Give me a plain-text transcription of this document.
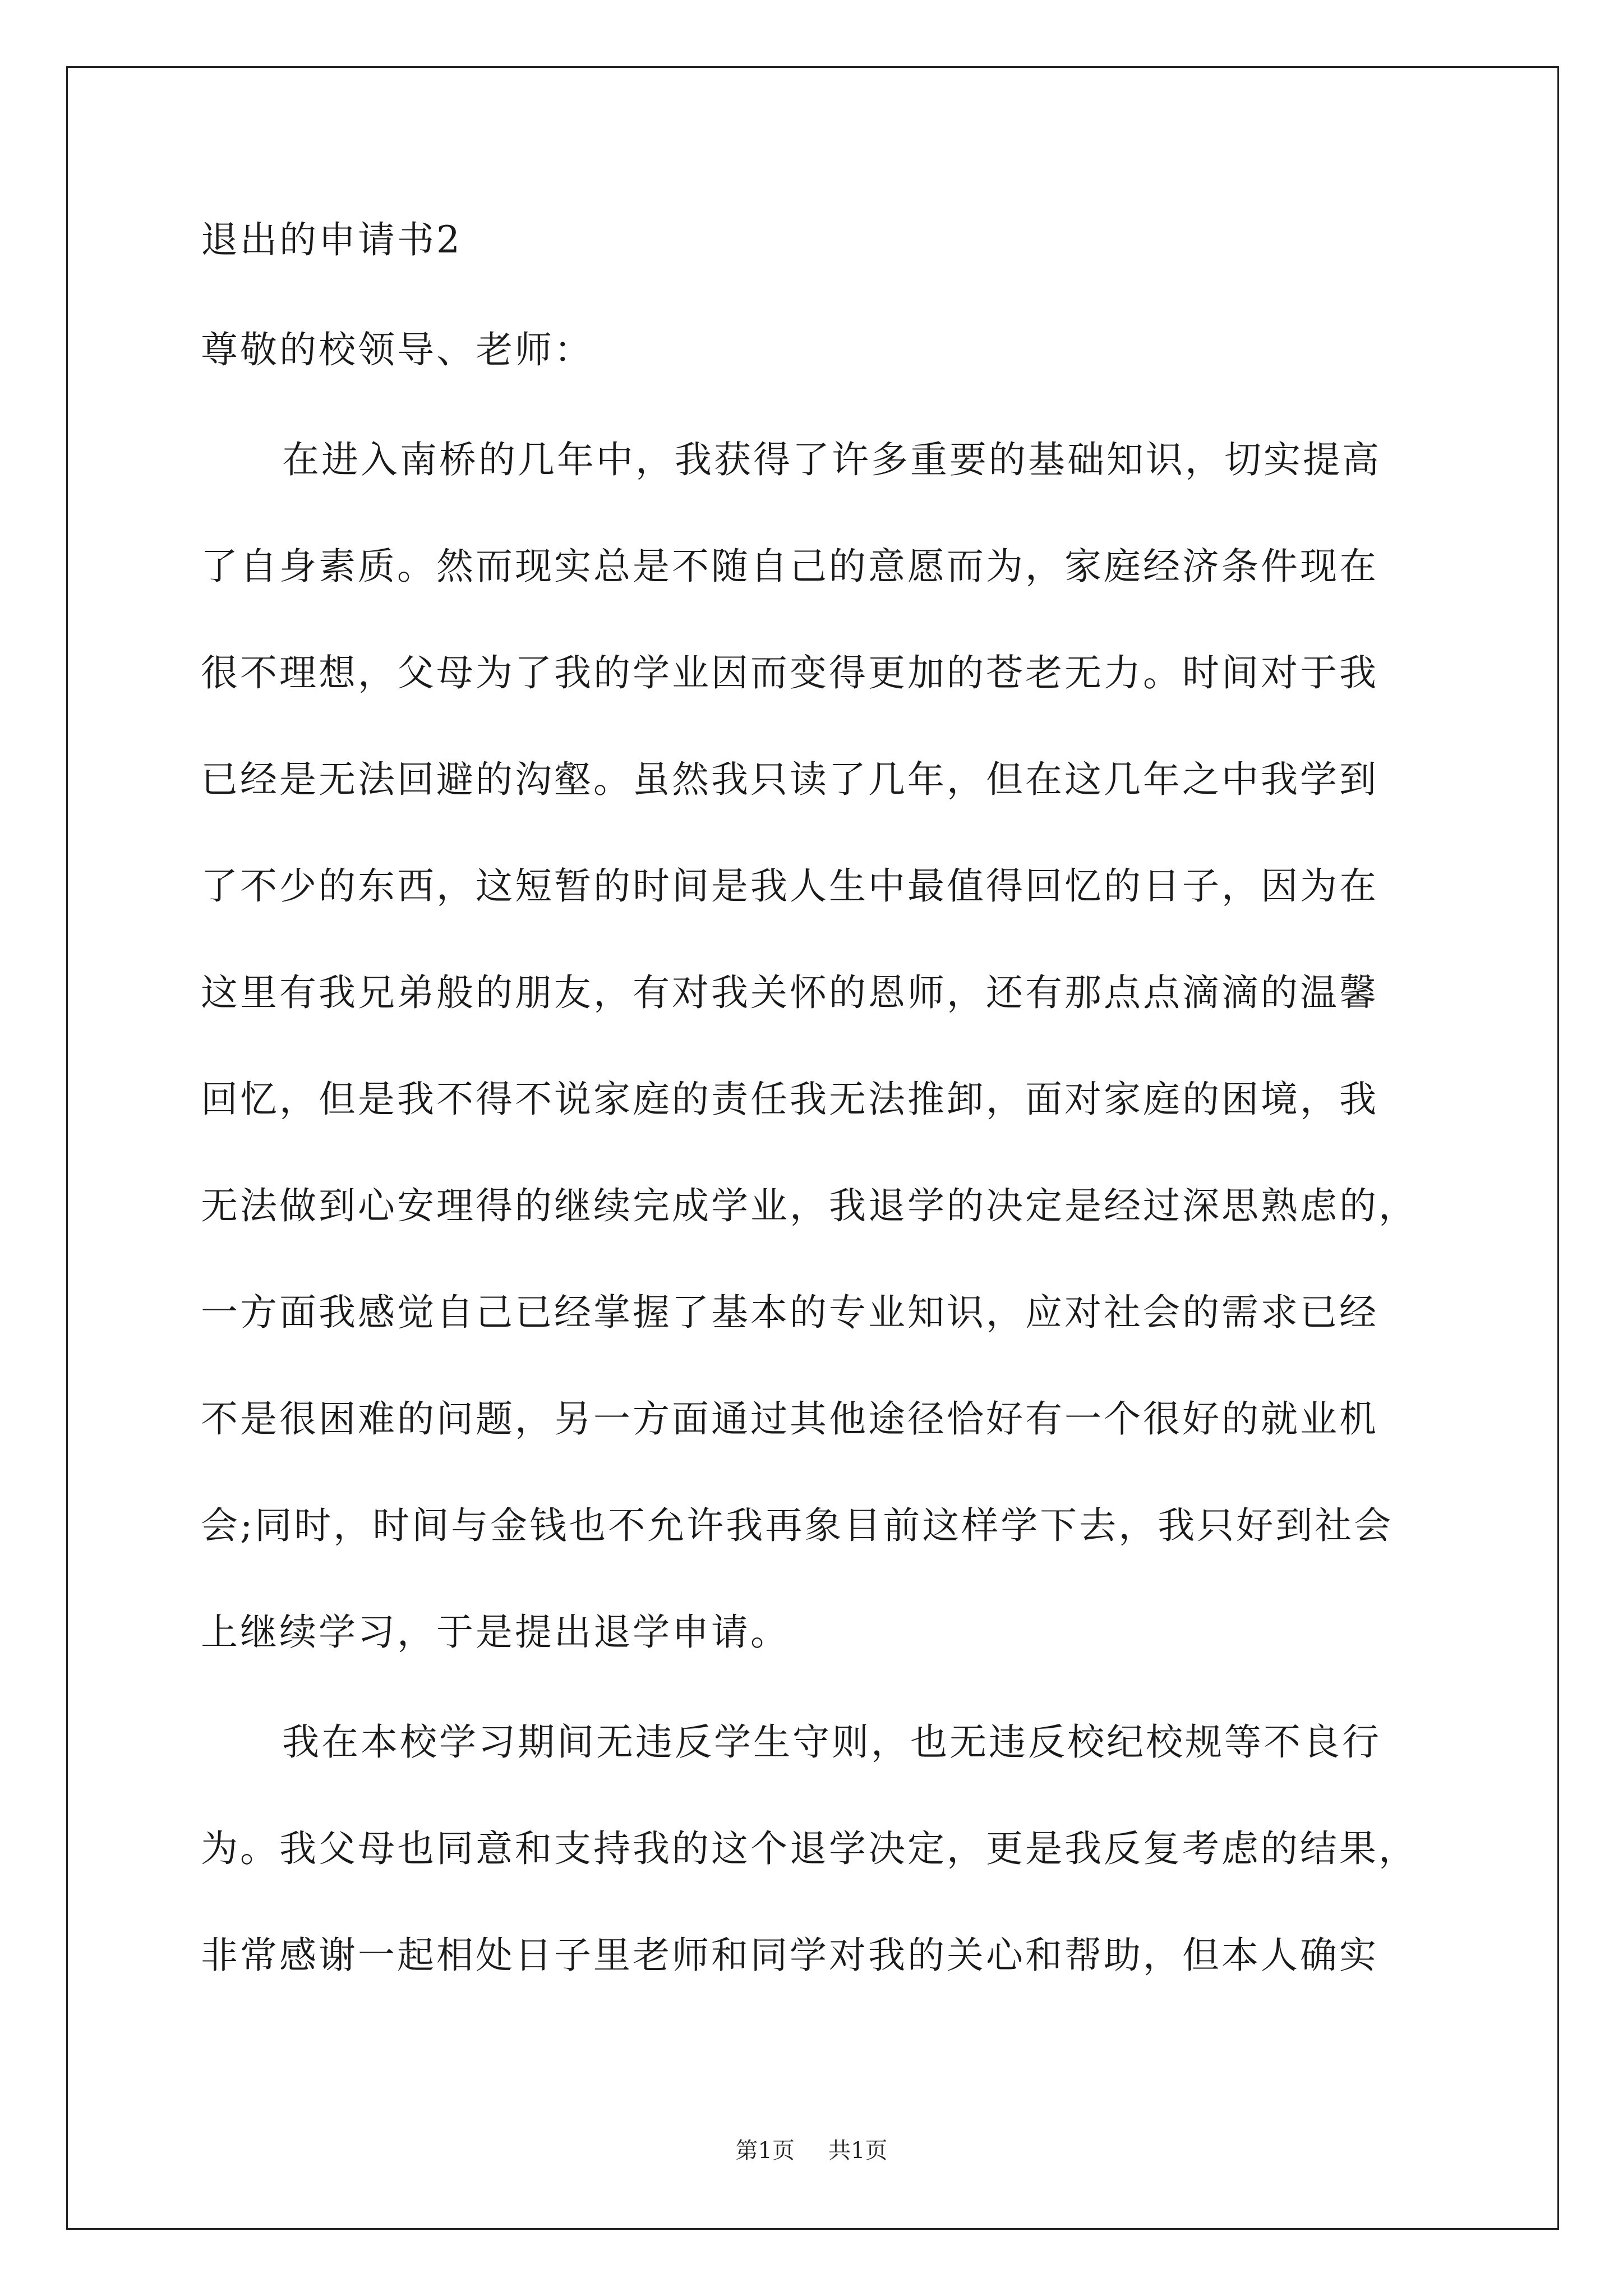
退出的申请书2
尊敬的校领导、老师：
在进入南桥的几年中，我获得了许多重要的基础知识，切实提高
了自身素质。然而现实总是不随自己的意愿而为，家庭经济条件现在
很不理想，父母为了我的学业因而变得更加的苍老无力。时间对于我
已经是无法回避的沟壑。虽然我只读了几年，但在这几年之中我学到
了不少的东西，这短暂的时间是我人生中最值得回忆的日子，因为在
这里有我兄弟般的朋友，有对我关怀的恩师，还有那点点滴滴的温馨
回忆，但是我不得不说家庭的责任我无法推卸，面对家庭的困境，我
无法做到心安理得的继续完成学业，我退学的决定是经过深思熟虑的，
一方面我感觉自己已经掌握了基本的专业知识，应对社会的需求已经
不是很困难的问题，另一方面通过其他途径恰好有一个很好的就业机
会;同时，时间与金钱也不允许我再象目前这样学下去，我只好到社会
上继续学习，于是提出退学申请。
我在本校学习期间无违反学生守则，也无违反校纪校规等不良行
为。我父母也同意和支持我的这个退学决定，更是我反复考虑的结果，
非常感谢一起相处日子里老师和同学对我的关心和帮助，但本人确实
第1页 共1页
